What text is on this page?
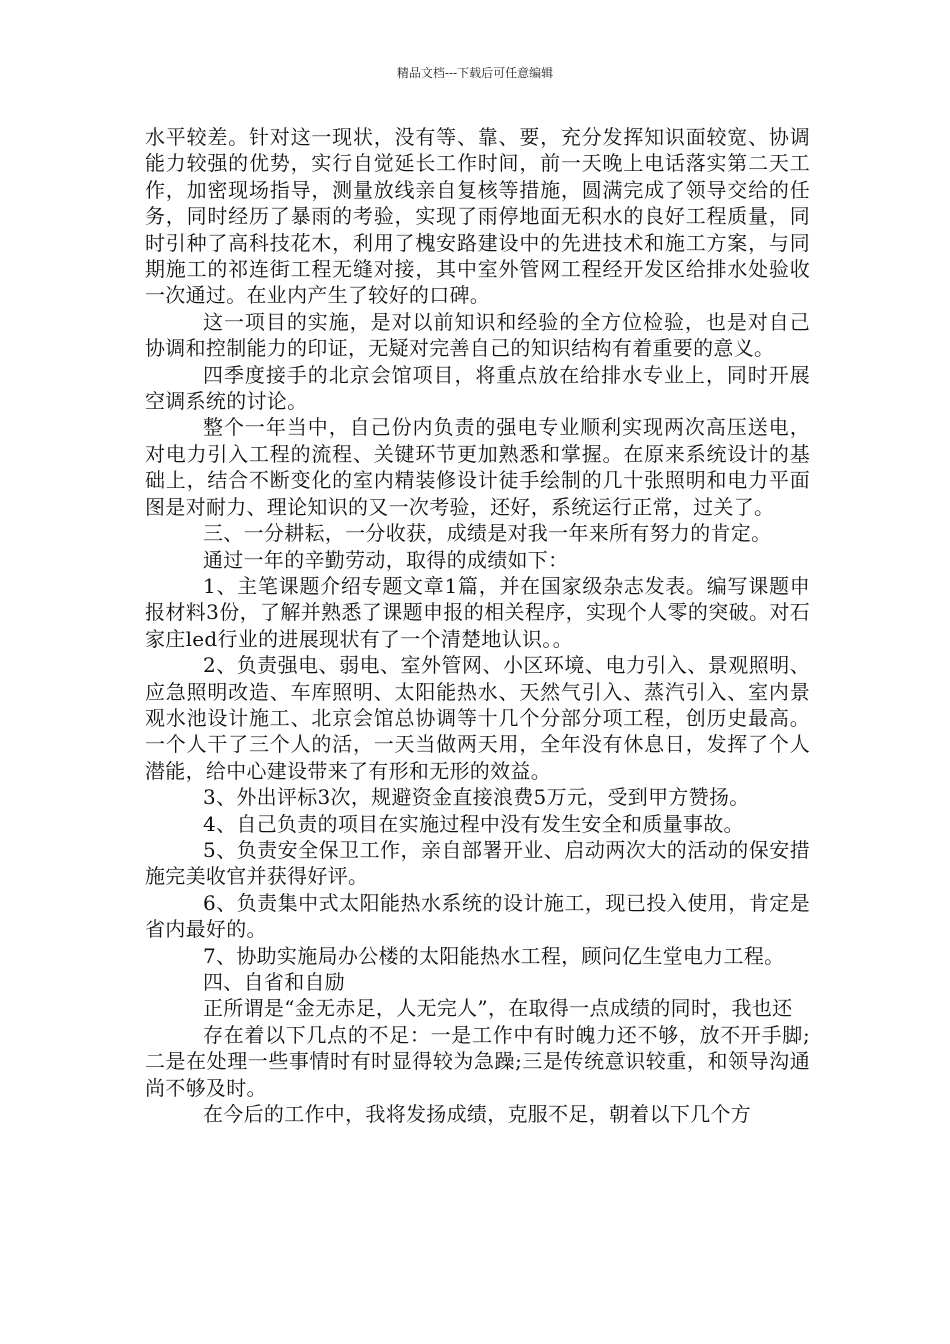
精品文档---下载后可任意编辑

水平较差。针对这一现状，没有等、靠、要，充分发挥知识面较宽、协调能力较强的优势，实行自觉延长工作时间，前一天晚上电话落实第二天工作，加密现场指导，测量放线亲自复核等措施，圆满完成了领导交给的任务，同时经历了暴雨的考验，实现了雨停地面无积水的良好工程质量，同时引种了高科技花木，利用了槐安路建设中的先进技术和施工方案，与同期施工的祁连街工程无缝对接，其中室外管网工程经开发区给排水处验收一次通过。在业内产生了较好的口碑。

这一项目的实施，是对以前知识和经验的全方位检验，也是对自己协调和控制能力的印证，无疑对完善自己的知识结构有着重要的意义。

四季度接手的北京会馆项目，将重点放在给排水专业上，同时开展空调系统的讨论。

整个一年当中，自己份内负责的强电专业顺利实现两次高压送电，对电力引入工程的流程、关键环节更加熟悉和掌握。在原来系统设计的基础上，结合不断变化的室内精装修设计徒手绘制的几十张照明和电力平面图是对耐力、理论知识的又一次考验，还好，系统运行正常，过关了。

三、一分耕耘，一分收获，成绩是对我一年来所有努力的肯定。

通过一年的辛勤劳动，取得的成绩如下：

1、主笔课题介绍专题文章1篇，并在国家级杂志发表。编写课题申报材料3份，了解并熟悉了课题申报的相关程序，实现个人零的突破。对石家庄led行业的进展现状有了一个清楚地认识。。

2、负责强电、弱电、室外管网、小区环境、电力引入、景观照明、应急照明改造、车库照明、太阳能热水、天然气引入、蒸汽引入、室内景观水池设计施工、北京会馆总协调等十几个分部分项工程，创历史最高。一个人干了三个人的活，一天当做两天用，全年没有休息日，发挥了个人潜能，给中心建设带来了有形和无形的效益。

3、外出评标3次，规避资金直接浪费5万元，受到甲方赞扬。

4、自己负责的项目在实施过程中没有发生安全和质量事故。

5、负责安全保卫工作，亲自部署开业、启动两次大的活动的保安措施完美收官并获得好评。

6、负责集中式太阳能热水系统的设计施工，现已投入使用，肯定是省内最好的。

7、协助实施局办公楼的太阳能热水工程，顾问亿生堂电力工程。

四、自省和自励

正所谓是“金无赤足，人无完人”，在取得一点成绩的同时，我也还

存在着以下几点的不足：一是工作中有时魄力还不够，放不开手脚;二是在处理一些事情时有时显得较为急躁;三是传统意识较重，和领导沟通尚不够及时。

在今后的工作中，我将发扬成绩，克服不足，朝着以下几个方
